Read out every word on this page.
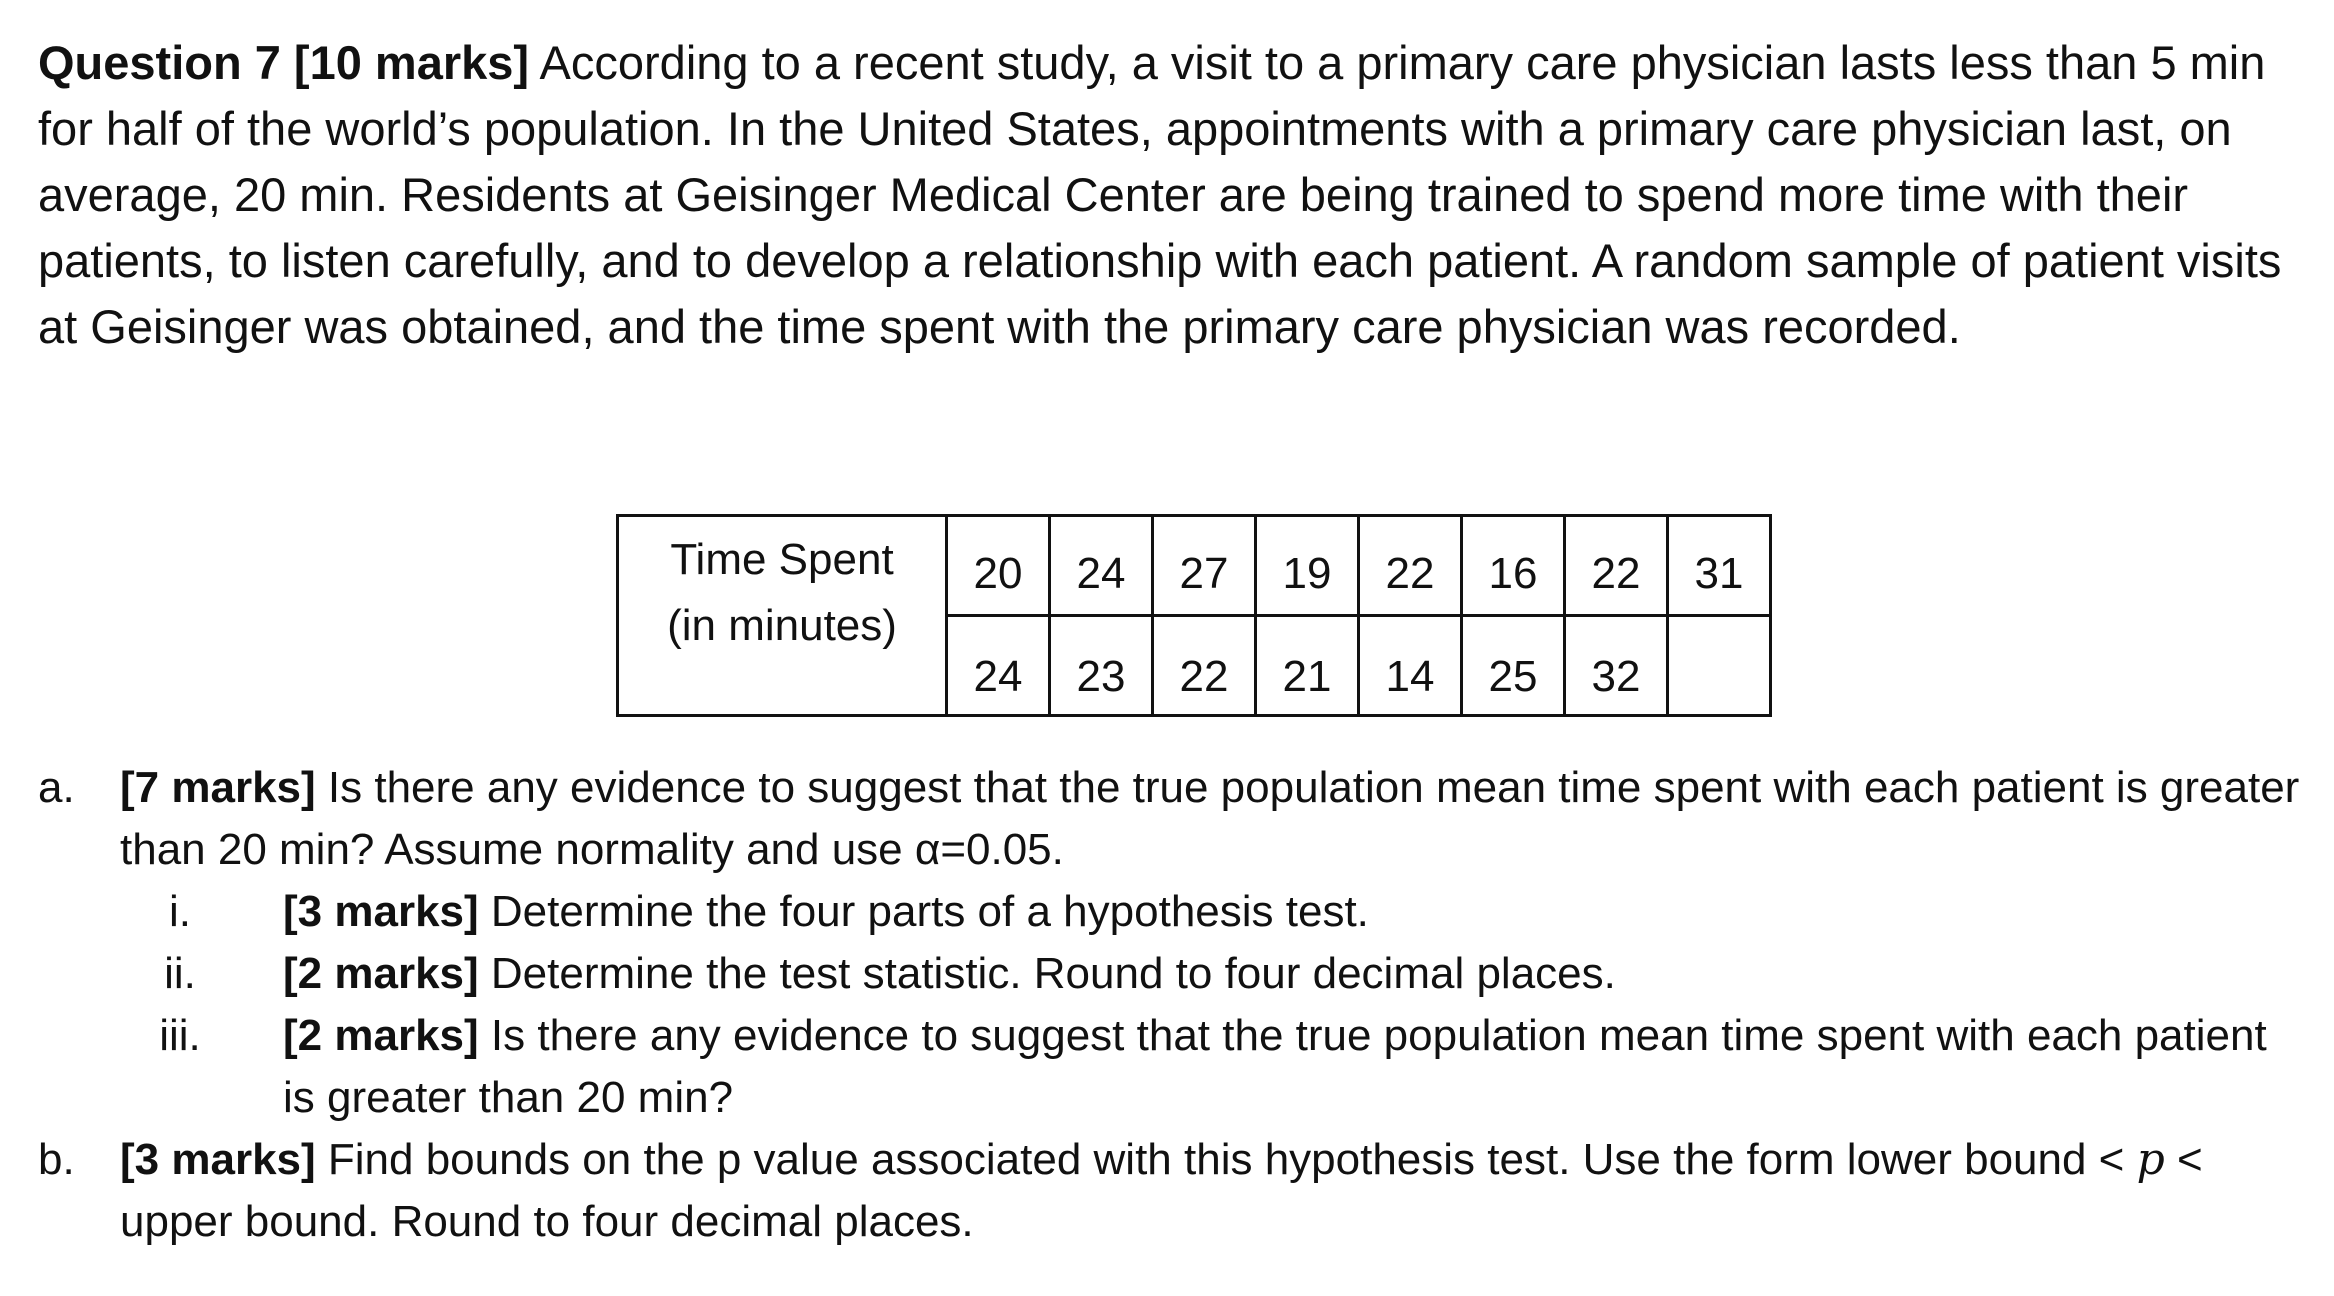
Question 7 [10 marks] According to a recent study, a visit to a primary care physician lasts less than 5 min for half of the world’s population. In the United States, appointments with a primary care physician last, on average, 20 min. Residents at Geisinger Medical Center are being trained to spend more time with their patients, to listen carefully, and to develop a relationship with each patient. A random sample of patient visits at Geisinger was obtained, and the time spent with the primary care physician was recorded.
Time Spent
(in minutes)	20	24	27	19	22	16	22	31
	24	23	22	21	14	25	32	
a. [7 marks] Is there any evidence to suggest that the true population mean time spent with each patient is greater than 20 min? Assume normality and use α=0.05.
i.	[3 marks] Determine the four parts of a hypothesis test.
ii.	[2 marks] Determine the test statistic. Round to four decimal places.
iii.	[2 marks] Is there any evidence to suggest that the true population mean time spent with each patient is greater than 20 min?
b. [3 marks] Find bounds on the p value associated with this hypothesis test. Use the form lower bound < p < upper bound. Round to four decimal places.
